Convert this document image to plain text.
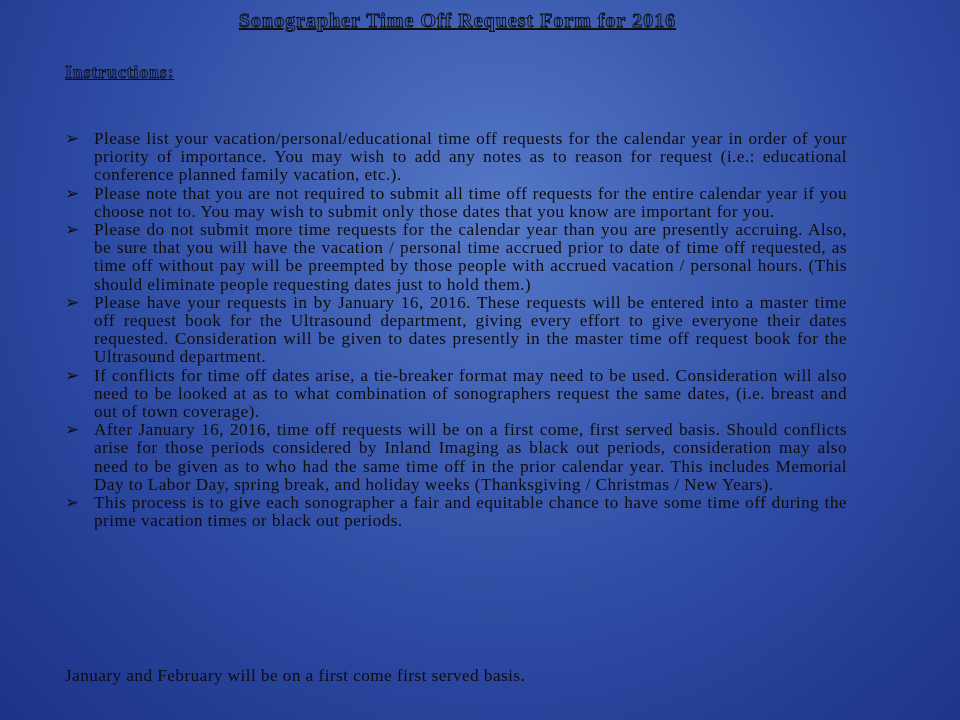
Sonographer Time Off Request Form for 2016
Instructions:
➢ Please list your vacation/personal/educational time off requests for the calendar year in order of your priority of importance. You may wish to add any notes as to reason for request (i.e.: educational conference planned family vacation, etc.).
➢ Please note that you are not required to submit all time off requests for the entire calendar year if you choose not to. You may wish to submit only those dates that you know are important for you.
➢ Please do not submit more time requests for the calendar year than you are presently accruing. Also, be sure that you will have the vacation / personal time accrued prior to date of time off requested, as time off without pay will be preempted by those people with accrued vacation / personal hours. (This should eliminate people requesting dates just to hold them.)
➢ Please have your requests in by January 16, 2016. These requests will be entered into a master time off request book for the Ultrasound department, giving every effort to give everyone their dates requested. Consideration will be given to dates presently in the master time off request book for the Ultrasound department.
➢ If conflicts for time off dates arise, a tie-breaker format may need to be used. Consideration will also need to be looked at as to what combination of sonographers request the same dates, (i.e. breast and out of town coverage).
➢ After January 16, 2016, time off requests will be on a first come, first served basis. Should conflicts arise for those periods considered by Inland Imaging as black out periods, consideration may also need to be given as to who had the same time off in the prior calendar year. This includes Memorial Day to Labor Day, spring break, and holiday weeks (Thanksgiving / Christmas / New Years).
➢ This process is to give each sonographer a fair and equitable chance to have some time off during the prime vacation times or black out periods.
January and February will be on a first come first served basis.
